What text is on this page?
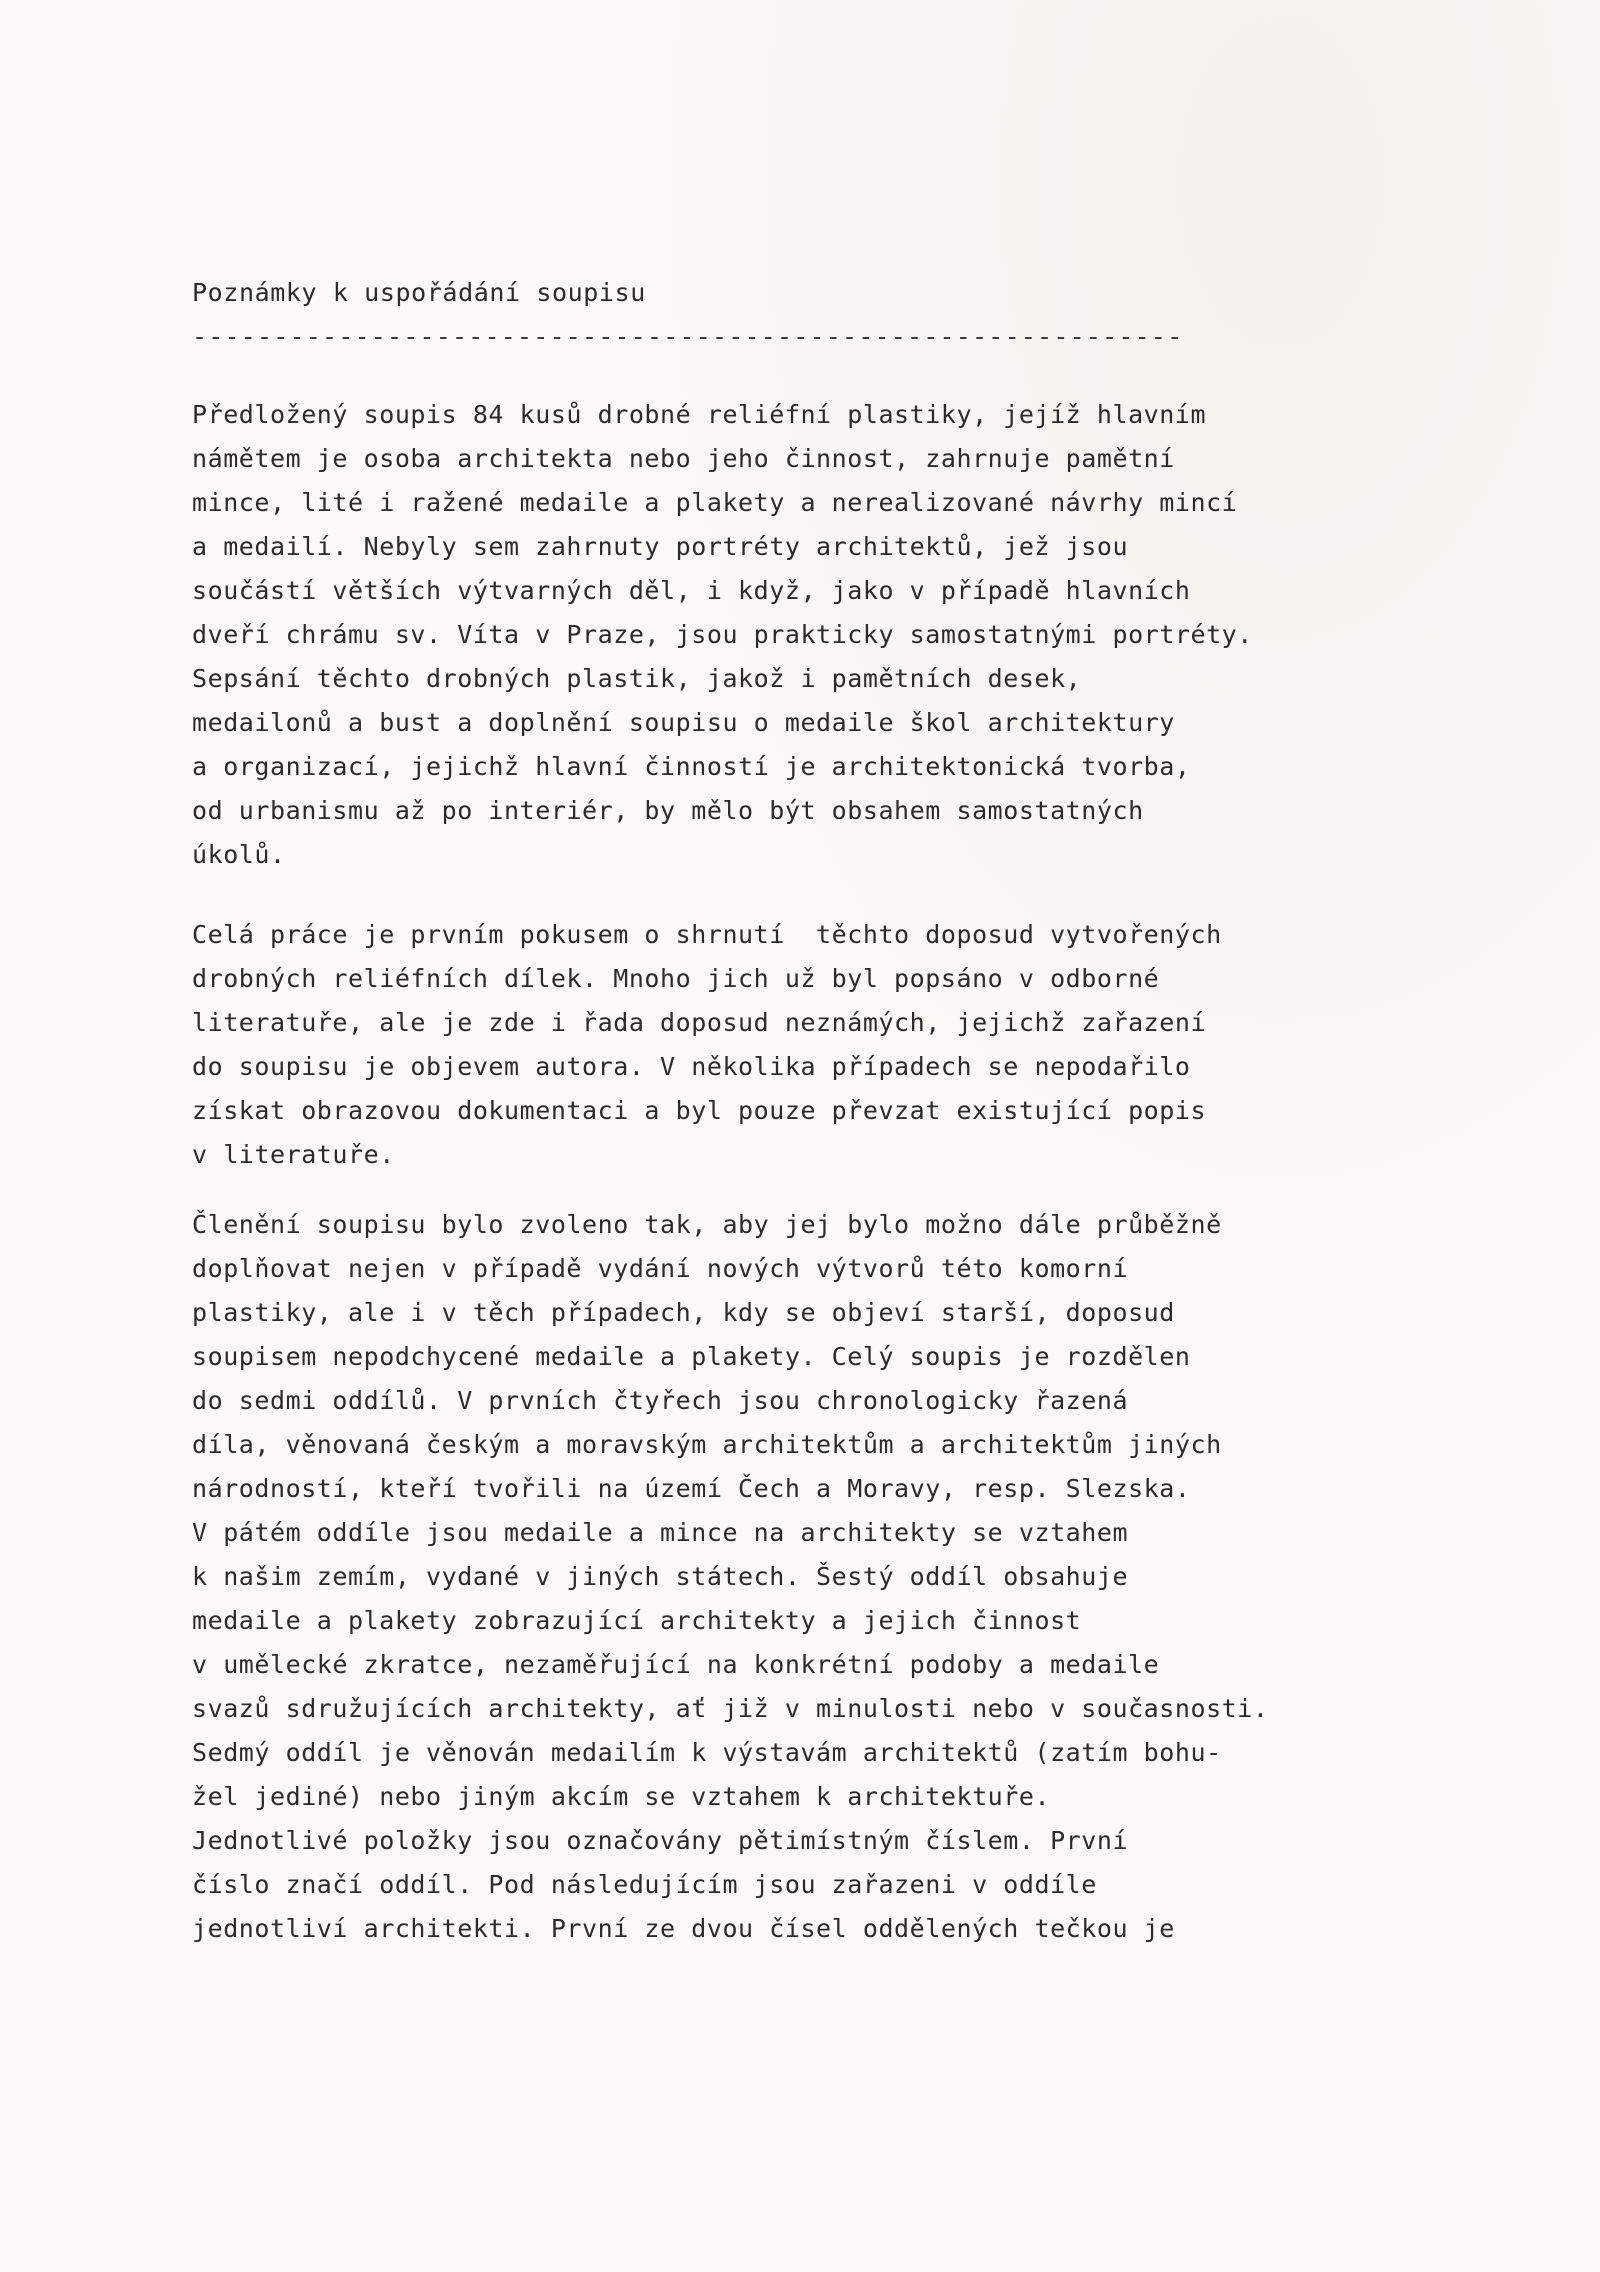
Poznámky k uspořádání soupisu
-------------------------------------------------------------
Předložený soupis 84 kusů drobné reliéfní plastiky, jejíž hlavním
námětem je osoba architekta nebo jeho činnost, zahrnuje pamětní
mince, lité i ražené medaile a plakety a nerealizované návrhy mincí
a medailí. Nebyly sem zahrnuty portréty architektů, jež jsou
součástí větších výtvarných děl, i když, jako v případě hlavních
dveří chrámu sv. Víta v Praze, jsou prakticky samostatnými portréty.
Sepsání těchto drobných plastik, jakož i pamětních desek,
medailonů a bust a doplnění soupisu o medaile škol architektury
a organizací, jejichž hlavní činností je architektonická tvorba,
od urbanismu až po interiér, by mělo být obsahem samostatných
úkolů.
Celá práce je prvním pokusem o shrnutí  těchto doposud vytvořených
drobných reliéfních dílek. Mnoho jich už byl popsáno v odborné
literatuře, ale je zde i řada doposud neznámých, jejichž zařazení
do soupisu je objevem autora. V několika případech se nepodařilo
získat obrazovou dokumentaci a byl pouze převzat existující popis
v literatuře.
Členění soupisu bylo zvoleno tak, aby jej bylo možno dále průběžně
doplňovat nejen v případě vydání nových výtvorů této komorní
plastiky, ale i v těch případech, kdy se objeví starší, doposud
soupisem nepodchycené medaile a plakety. Celý soupis je rozdělen
do sedmi oddílů. V prvních čtyřech jsou chronologicky řazená
díla, věnovaná českým a moravským architektům a architektům jiných
národností, kteří tvořili na území Čech a Moravy, resp. Slezska.
V pátém oddíle jsou medaile a mince na architekty se vztahem
k našim zemím, vydané v jiných státech. Šestý oddíl obsahuje
medaile a plakety zobrazující architekty a jejich činnost
v umělecké zkratce, nezaměřující na konkrétní podoby a medaile
svazů sdružujících architekty, ať již v minulosti nebo v současnosti.
Sedmý oddíl je věnován medailím k výstavám architektů (zatím bohu-
žel jediné) nebo jiným akcím se vztahem k architektuře.
Jednotlivé položky jsou označovány pětimístným číslem. První
číslo značí oddíl. Pod následujícím jsou zařazeni v oddíle
jednotliví architekti. První ze dvou čísel oddělených tečkou je
